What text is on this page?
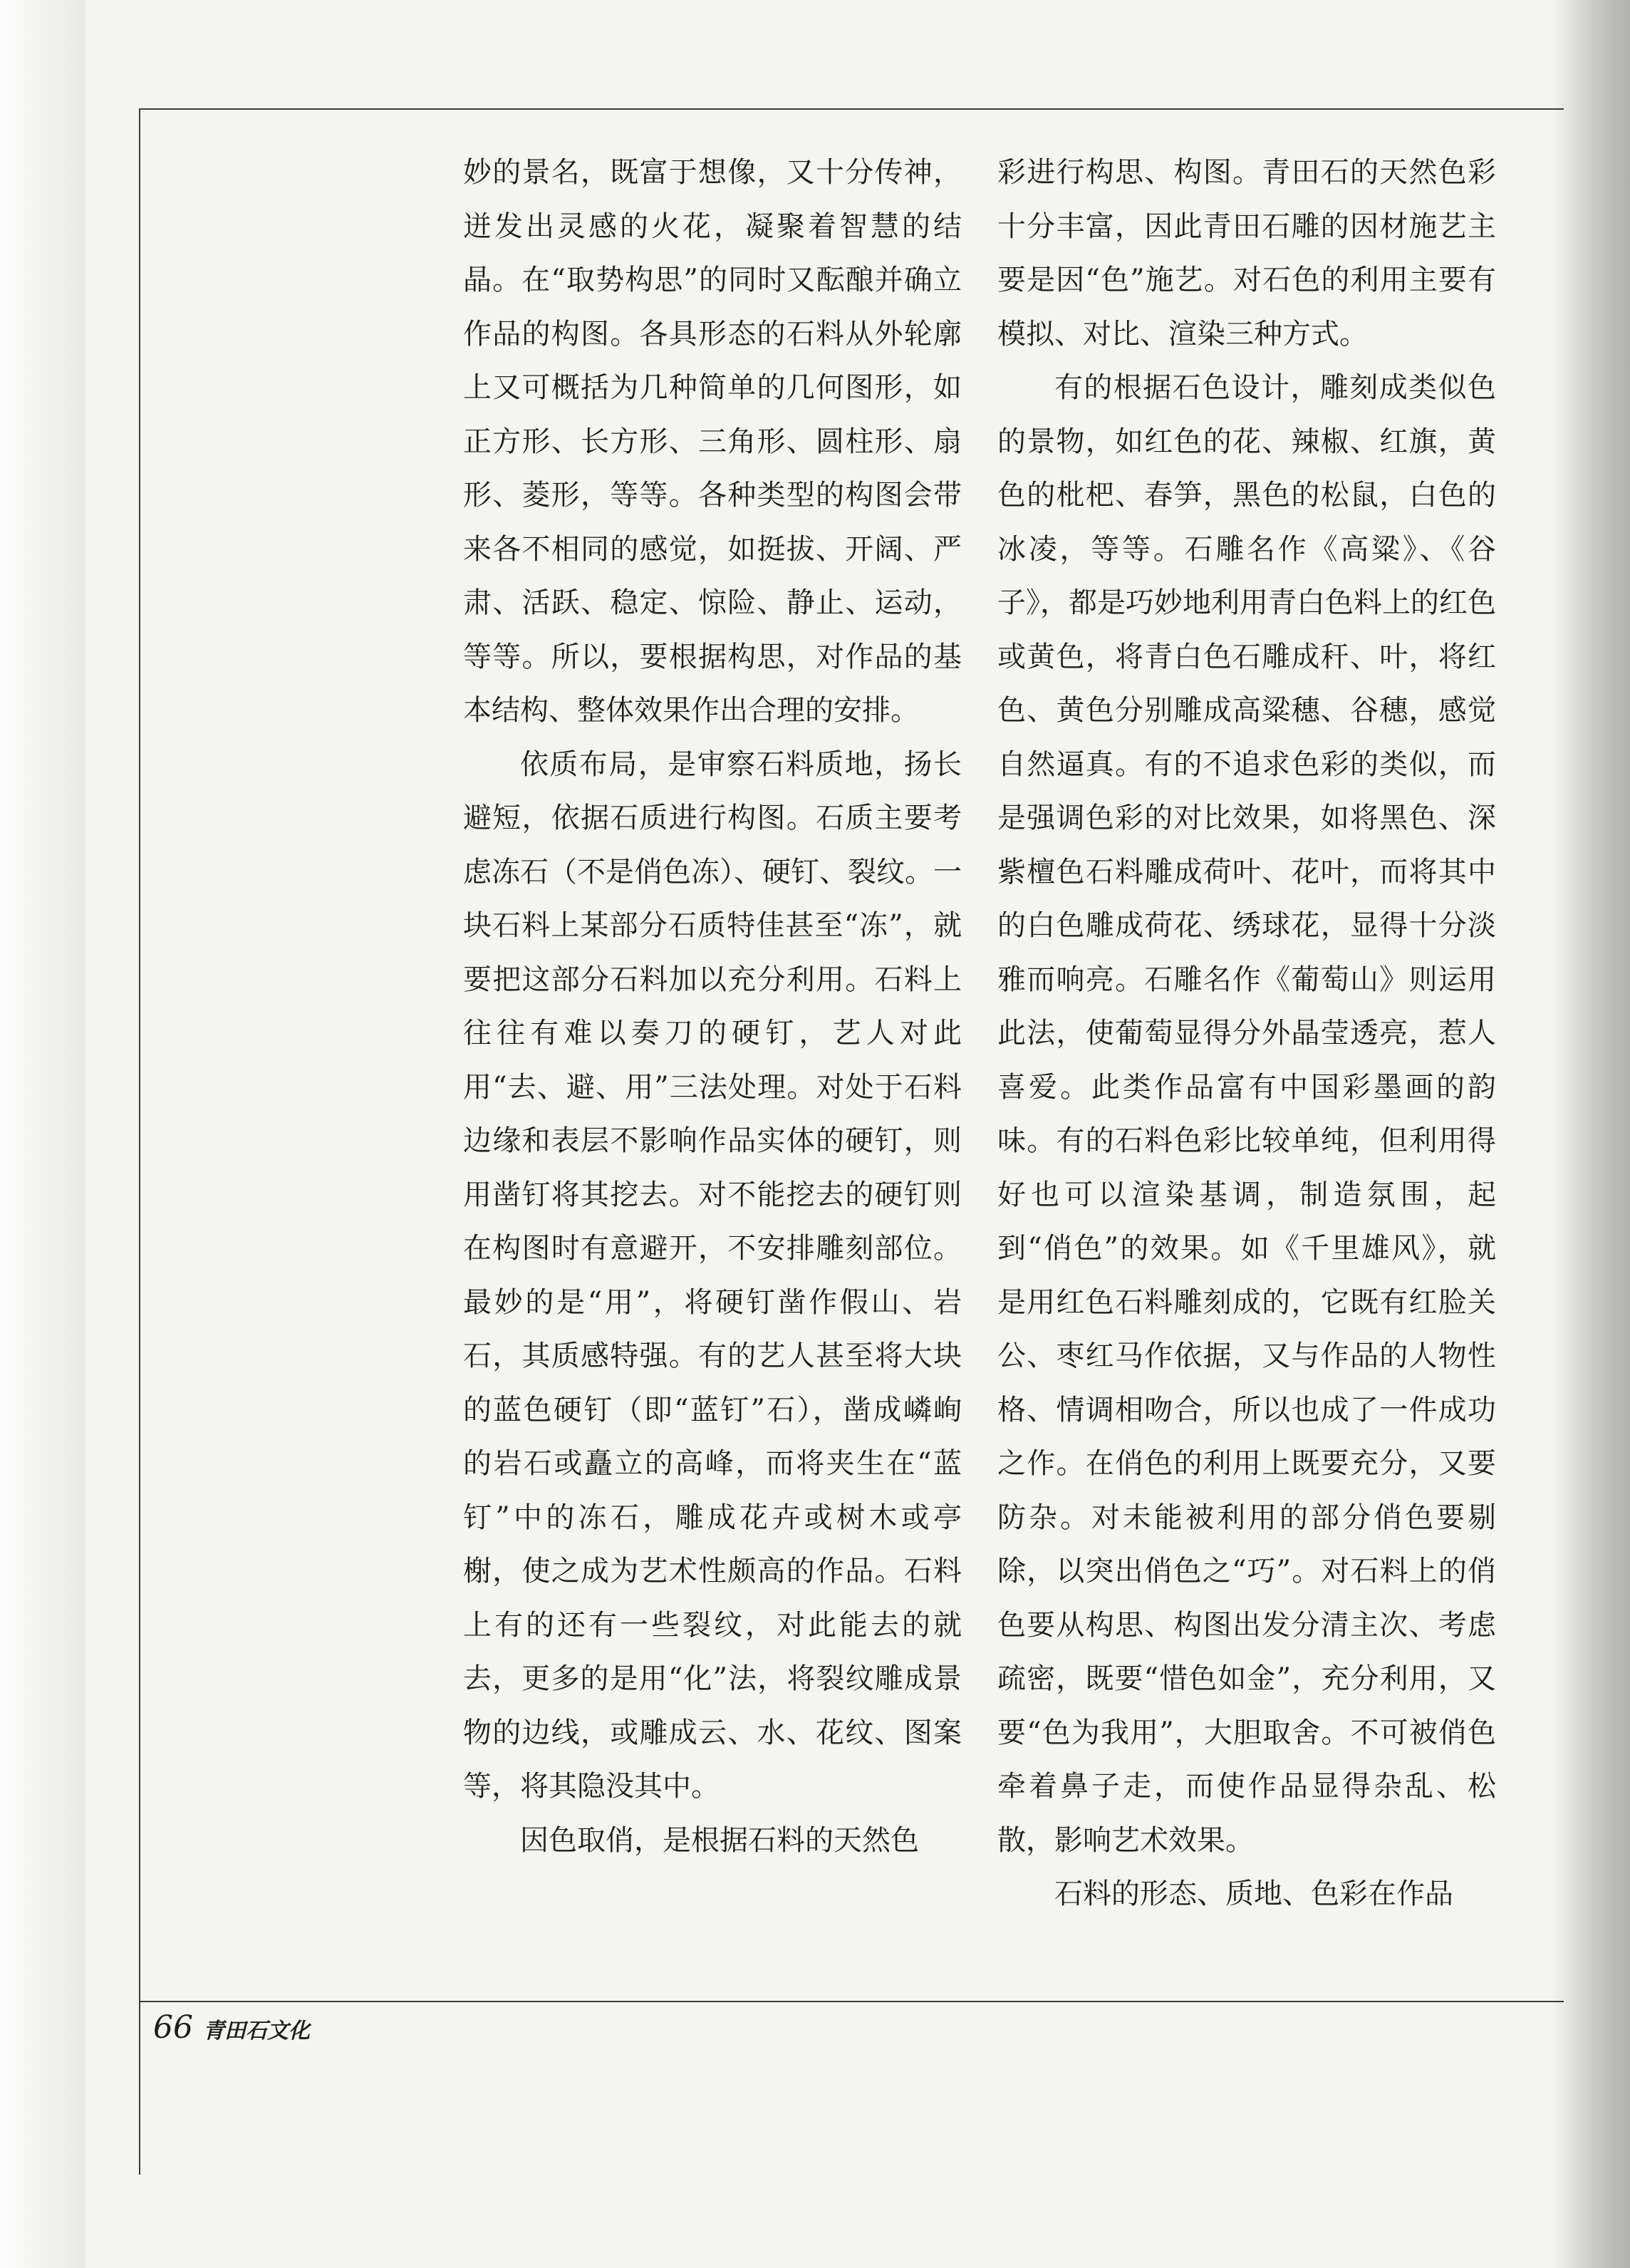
妙的景名，既富于想像，又十分传神，迸发出灵感的火花，凝聚着智慧的结晶。在“取势构思”的同时又酝酿并确立作品的构图。各具形态的石料从外轮廓上又可概括为几种简单的几何图形，如正方形、长方形、三角形、圆柱形、扇形、菱形，等等。各种类型的构图会带来各不相同的感觉，如挺拔、开阔、严肃、活跃、稳定、惊险、静止、运动，等等。所以，要根据构思，对作品的基本结构、整体效果作出合理的安排。

依质布局，是审察石料质地，扬长避短，依据石质进行构图。石质主要考虑冻石（不是俏色冻）、硬钉、裂纹。一块石料上某部分石质特佳甚至“冻”，就要把这部分石料加以充分利用。石料上往往有难以奏刀的硬钉，艺人对此用“去、避、用”三法处理。对处于石料边缘和表层不影响作品实体的硬钉，则用凿钉将其挖去。对不能挖去的硬钉则在构图时有意避开，不安排雕刻部位。最妙的是“用”，将硬钉凿作假山、岩石，其质感特强。有的艺人甚至将大块的蓝色硬钉（即“蓝钉”石），凿成嶙峋的岩石或矗立的高峰，而将夹生在“蓝钉”中的冻石，雕成花卉或树木或亭榭，使之成为艺术性颇高的作品。石料上有的还有一些裂纹，对此能去的就去，更多的是用“化”法，将裂纹雕成景物的边线，或雕成云、水、花纹、图案等，将其隐没其中。

因色取俏，是根据石料的天然色

彩进行构思、构图。青田石的天然色彩十分丰富，因此青田石雕的因材施艺主要是因“色”施艺。对石色的利用主要有模拟、对比、渲染三种方式。

有的根据石色设计，雕刻成类似色的景物，如红色的花、辣椒、红旗，黄色的枇杷、春笋，黑色的松鼠，白色的冰凌，等等。石雕名作《高粱》、《谷子》，都是巧妙地利用青白色料上的红色或黄色，将青白色石雕成秆、叶，将红色、黄色分别雕成高粱穗、谷穗，感觉自然逼真。有的不追求色彩的类似，而是强调色彩的对比效果，如将黑色、深紫檀色石料雕成荷叶、花叶，而将其中的白色雕成荷花、绣球花，显得十分淡雅而响亮。石雕名作《葡萄山》则运用此法，使葡萄显得分外晶莹透亮，惹人喜爱。此类作品富有中国彩墨画的韵味。有的石料色彩比较单纯，但利用得好也可以渲染基调，制造氛围，起到“俏色”的效果。如《千里雄风》，就是用红色石料雕刻成的，它既有红脸关公、枣红马作依据，又与作品的人物性格、情调相吻合，所以也成了一件成功之作。在俏色的利用上既要充分，又要防杂。对未能被利用的部分俏色要剔除，以突出俏色之“巧”。对石料上的俏色要从构思、构图出发分清主次、考虑疏密，既要“惜色如金”，充分利用，又要“色为我用”，大胆取舍。不可被俏色牵着鼻子走，而使作品显得杂乱、松散，影响艺术效果。

石料的形态、质地、色彩在作品

66 青田石文化
